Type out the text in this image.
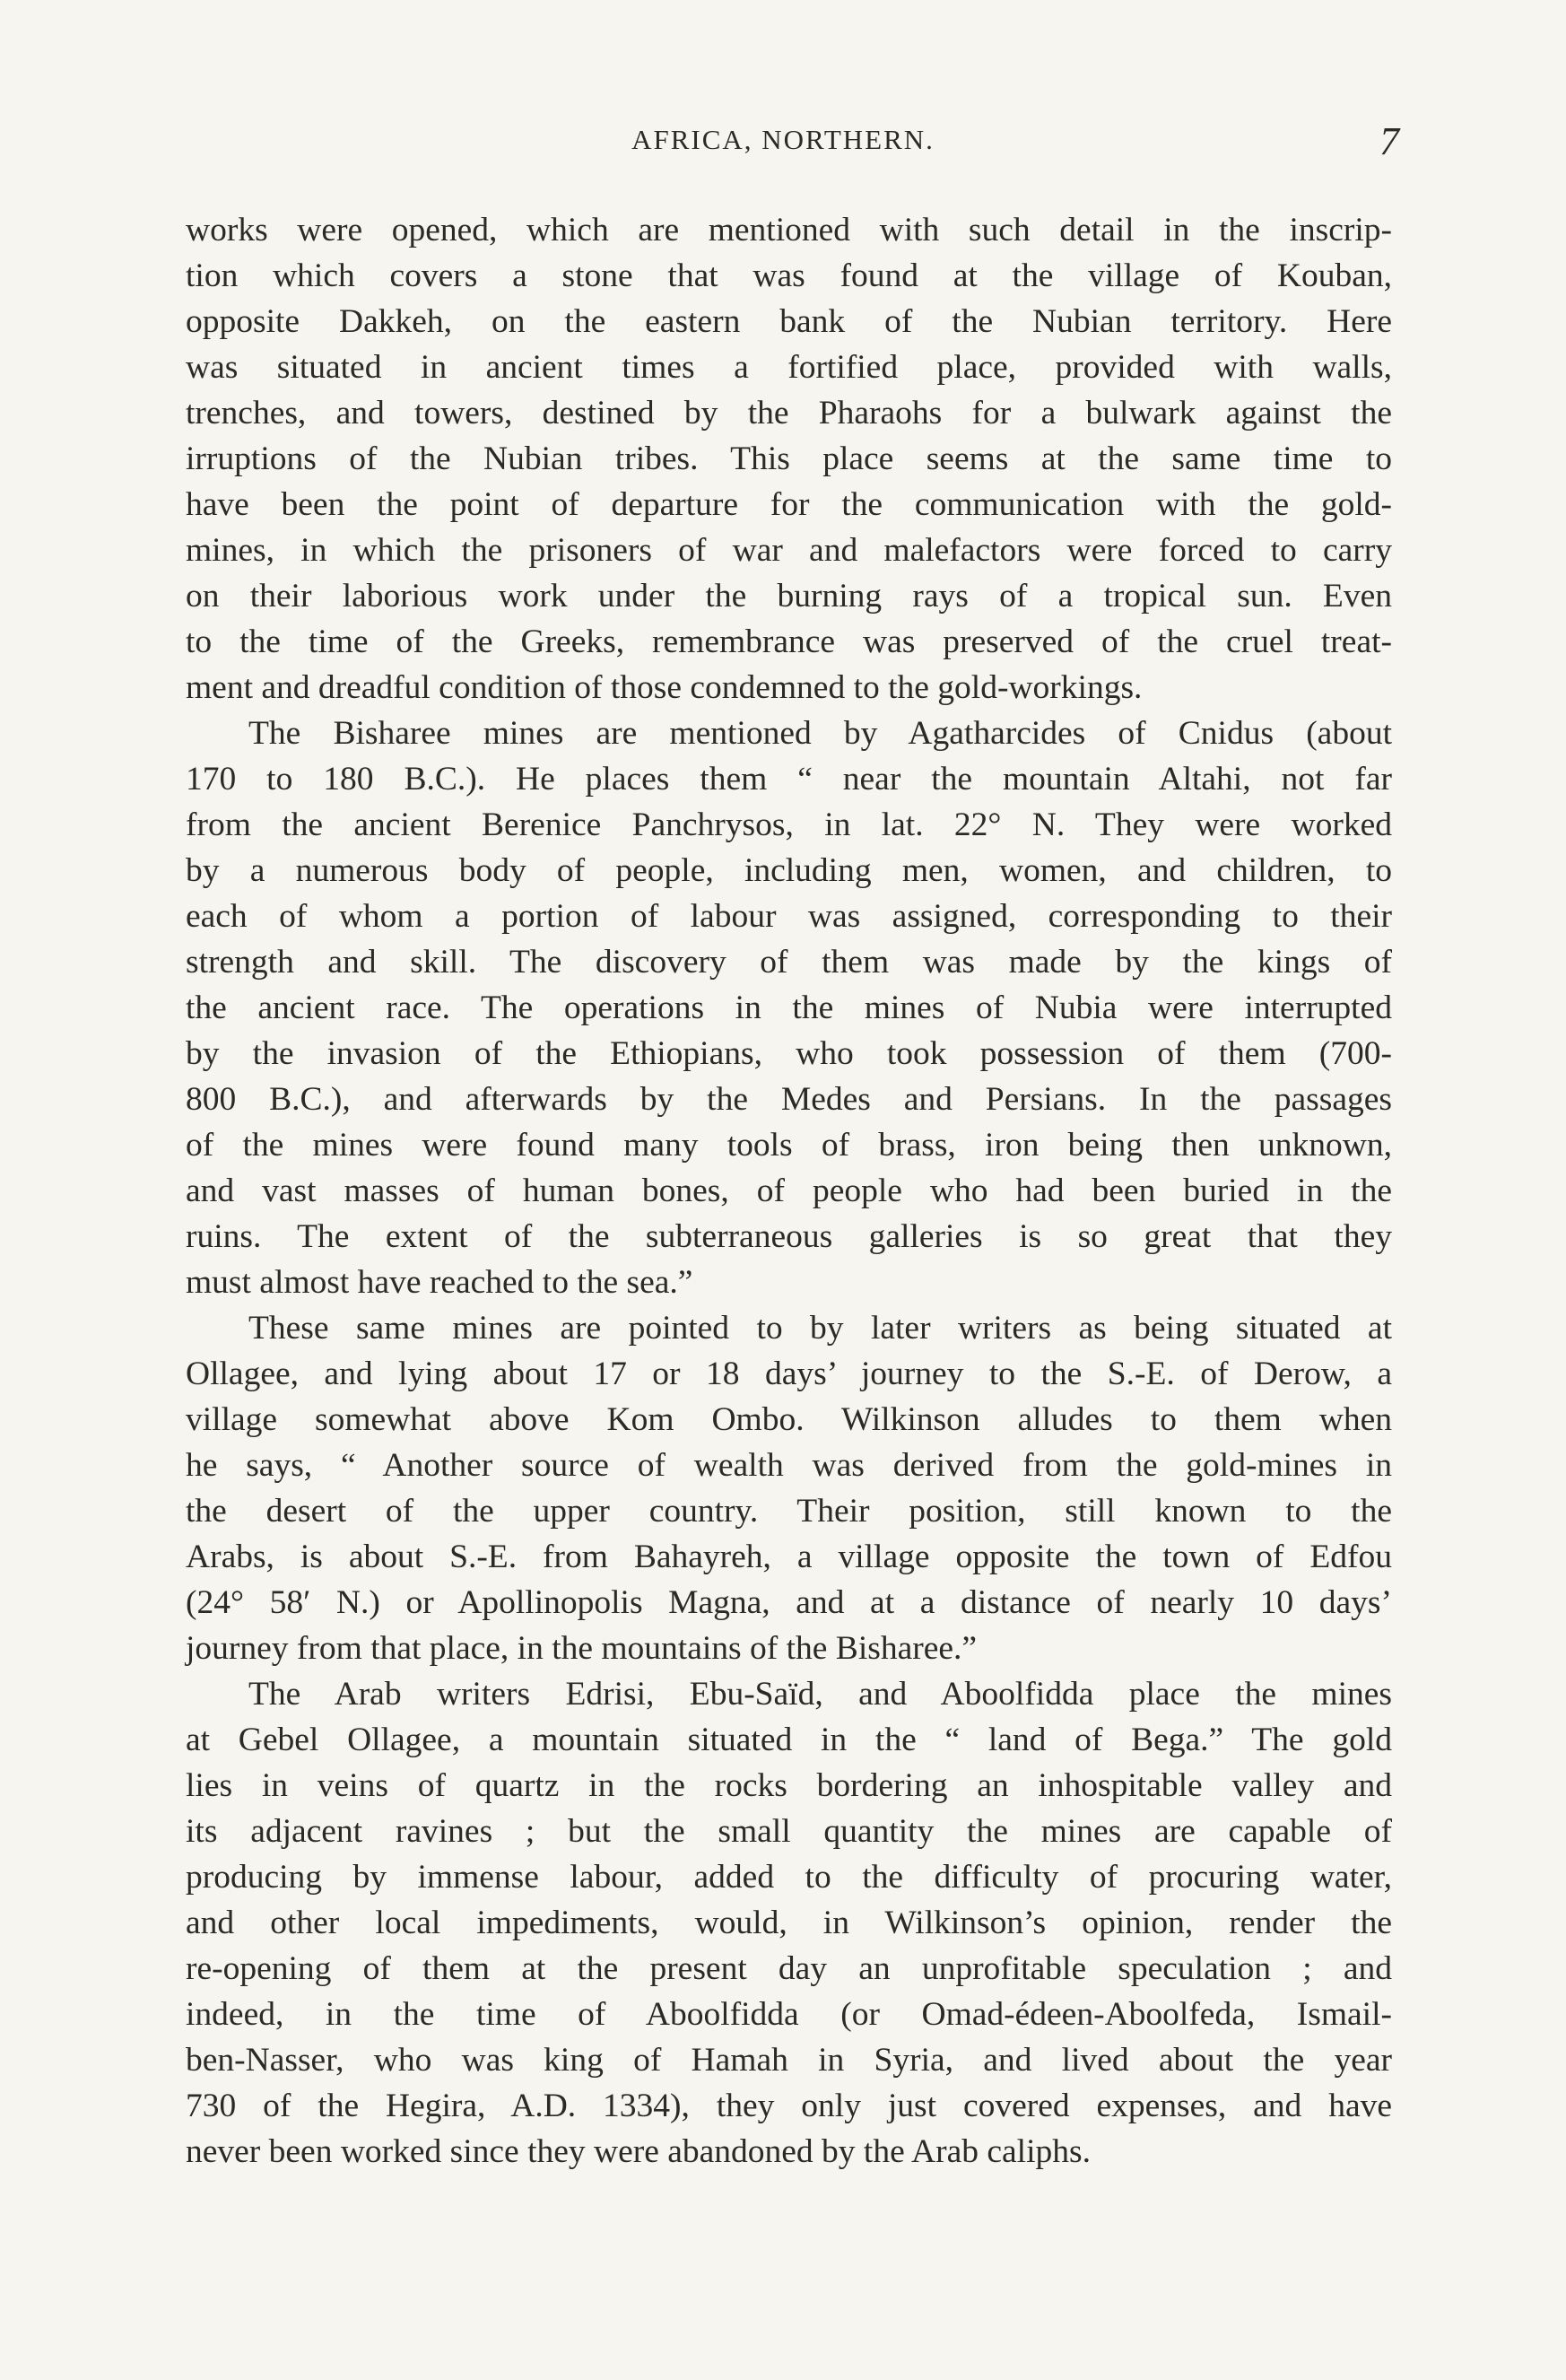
AFRICA, NORTHERN.	7
works were opened, which are mentioned with such detail in the inscrip-
tion which covers a stone that was found at the village of Kouban,
opposite Dakkeh, on the eastern bank of the Nubian territory. Here
was situated in ancient times a fortified place, provided with walls,
trenches, and towers, destined by the Pharaohs for a bulwark against the
irruptions of the Nubian tribes. This place seems at the same time to
have been the point of departure for the communication with the gold-
mines, in which the prisoners of war and malefactors were forced to carry
on their laborious work under the burning rays of a tropical sun. Even
to the time of the Greeks, remembrance was preserved of the cruel treat-
ment and dreadful condition of those condemned to the gold-workings.
The Bisharee mines are mentioned by Agatharcides of Cnidus (about
170 to 180 B.C.). He places them “ near the mountain Altahi, not far
from the ancient Berenice Panchrysos, in lat. 22° N. They were worked
by a numerous body of people, including men, women, and children, to
each of whom a portion of labour was assigned, corresponding to their
strength and skill. The discovery of them was made by the kings of
the ancient race. The operations in the mines of Nubia were interrupted
by the invasion of the Ethiopians, who took possession of them (700-
800 B.C.), and afterwards by the Medes and Persians. In the passages
of the mines were found many tools of brass, iron being then unknown,
and vast masses of human bones, of people who had been buried in the
ruins. The extent of the subterraneous galleries is so great that they
must almost have reached to the sea.”
These same mines are pointed to by later writers as being situated at
Ollagee, and lying about 17 or 18 days’ journey to the S.-E. of Derow, a
village somewhat above Kom Ombo. Wilkinson alludes to them when
he says, “ Another source of wealth was derived from the gold-mines in
the desert of the upper country. Their position, still known to the
Arabs, is about S.-E. from Bahayreh, a village opposite the town of Edfou
(24° 58′ N.) or Apollinopolis Magna, and at a distance of nearly 10 days’
journey from that place, in the mountains of the Bisharee.”
The Arab writers Edrisi, Ebu-Saïd, and Aboolfidda place the mines
at Gebel Ollagee, a mountain situated in the “ land of Bega.” The gold
lies in veins of quartz in the rocks bordering an inhospitable valley and
its adjacent ravines ; but the small quantity the mines are capable of
producing by immense labour, added to the difficulty of procuring water,
and other local impediments, would, in Wilkinson’s opinion, render the
re-opening of them at the present day an unprofitable speculation ; and
indeed, in the time of Aboolfidda (or Omad-édeen-Aboolfeda, Ismail-
ben-Nasser, who was king of Hamah in Syria, and lived about the year
730 of the Hegira, A.D. 1334), they only just covered expenses, and have
never been worked since they were abandoned by the Arab caliphs.
